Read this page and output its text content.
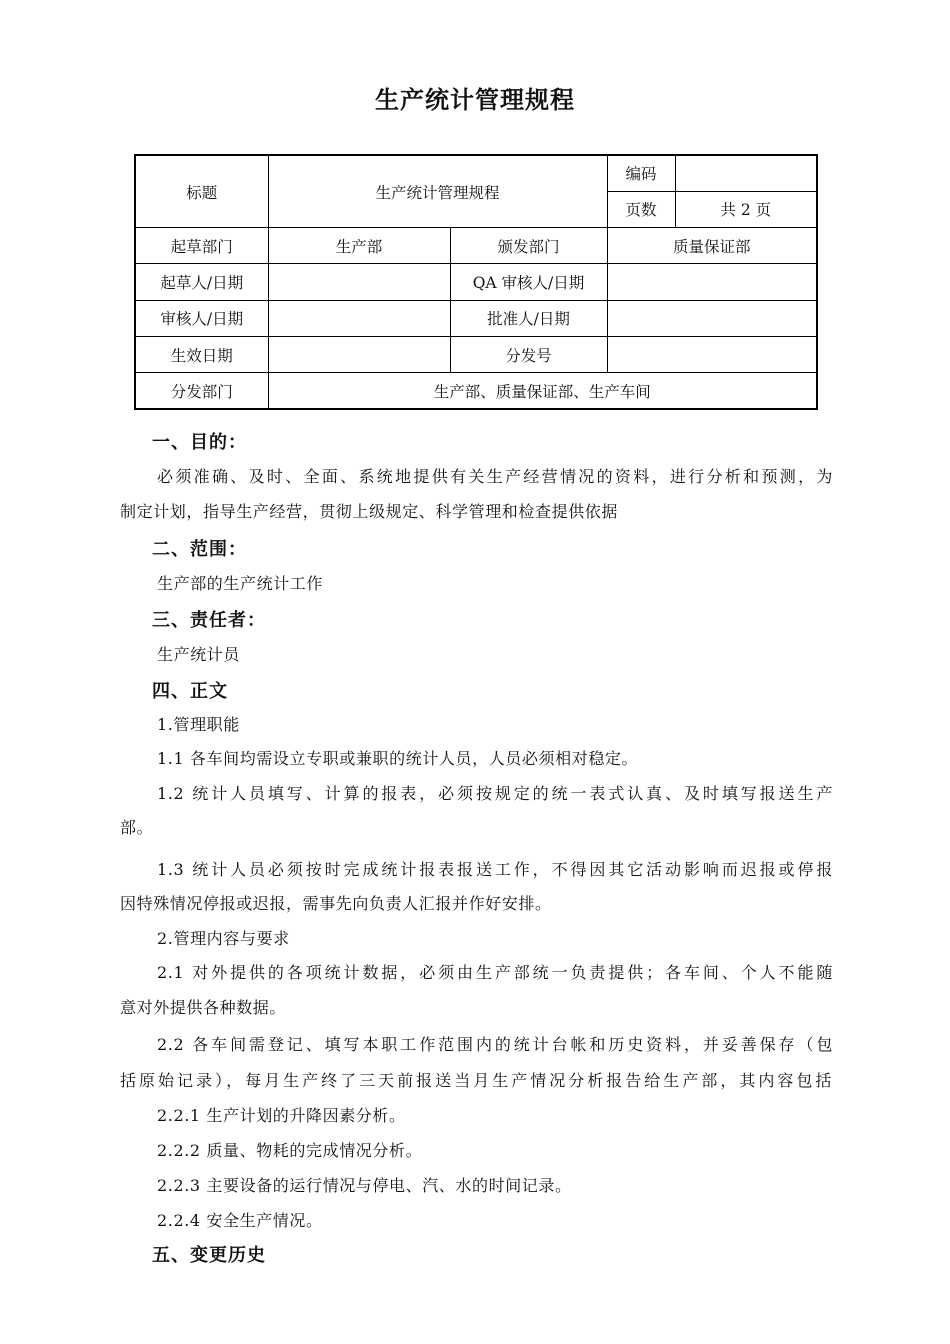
生产统计管理规程
标题	生产统计管理规程		编码	
			页数	共 2 页
起草部门	生产部	颁发部门	质量保证部	
起草人/日期		QA 审核人/日期		
审核人/日期		批准人/日期		
生效日期		分发号		
分发部门	生产部、质量保证部、生产车间			
一、目的：
必须准确、及时、全面、系统地提供有关生产经营情况的资料，进行分析和预测，为
制定计划，指导生产经营，贯彻上级规定、科学管理和检查提供依据
二、范围：
生产部的生产统计工作
三、责任者：
生产统计员
四、正文
1.管理职能
1.1 各车间均需设立专职或兼职的统计人员，人员必须相对稳定。
1.2 统计人员填写、计算的报表，必须按规定的统一表式认真、及时填写报送生产
部。
1.3 统计人员必须按时完成统计报表报送工作，不得因其它活动影响而迟报或停报
因特殊情况停报或迟报，需事先向负责人汇报并作好安排。
2.管理内容与要求
2.1 对外提供的各项统计数据，必须由生产部统一负责提供；各车间、个人不能随
意对外提供各种数据。
2.2 各车间需登记、填写本职工作范围内的统计台帐和历史资料，并妥善保存（包
括原始记录），每月生产终了三天前报送当月生产情况分析报告给生产部，其内容包括
2.2.1 生产计划的升降因素分析。
2.2.2 质量、物耗的完成情况分析。
2.2.3 主要设备的运行情况与停电、汽、水的时间记录。
2.2.4 安全生产情况。
五、变更历史
